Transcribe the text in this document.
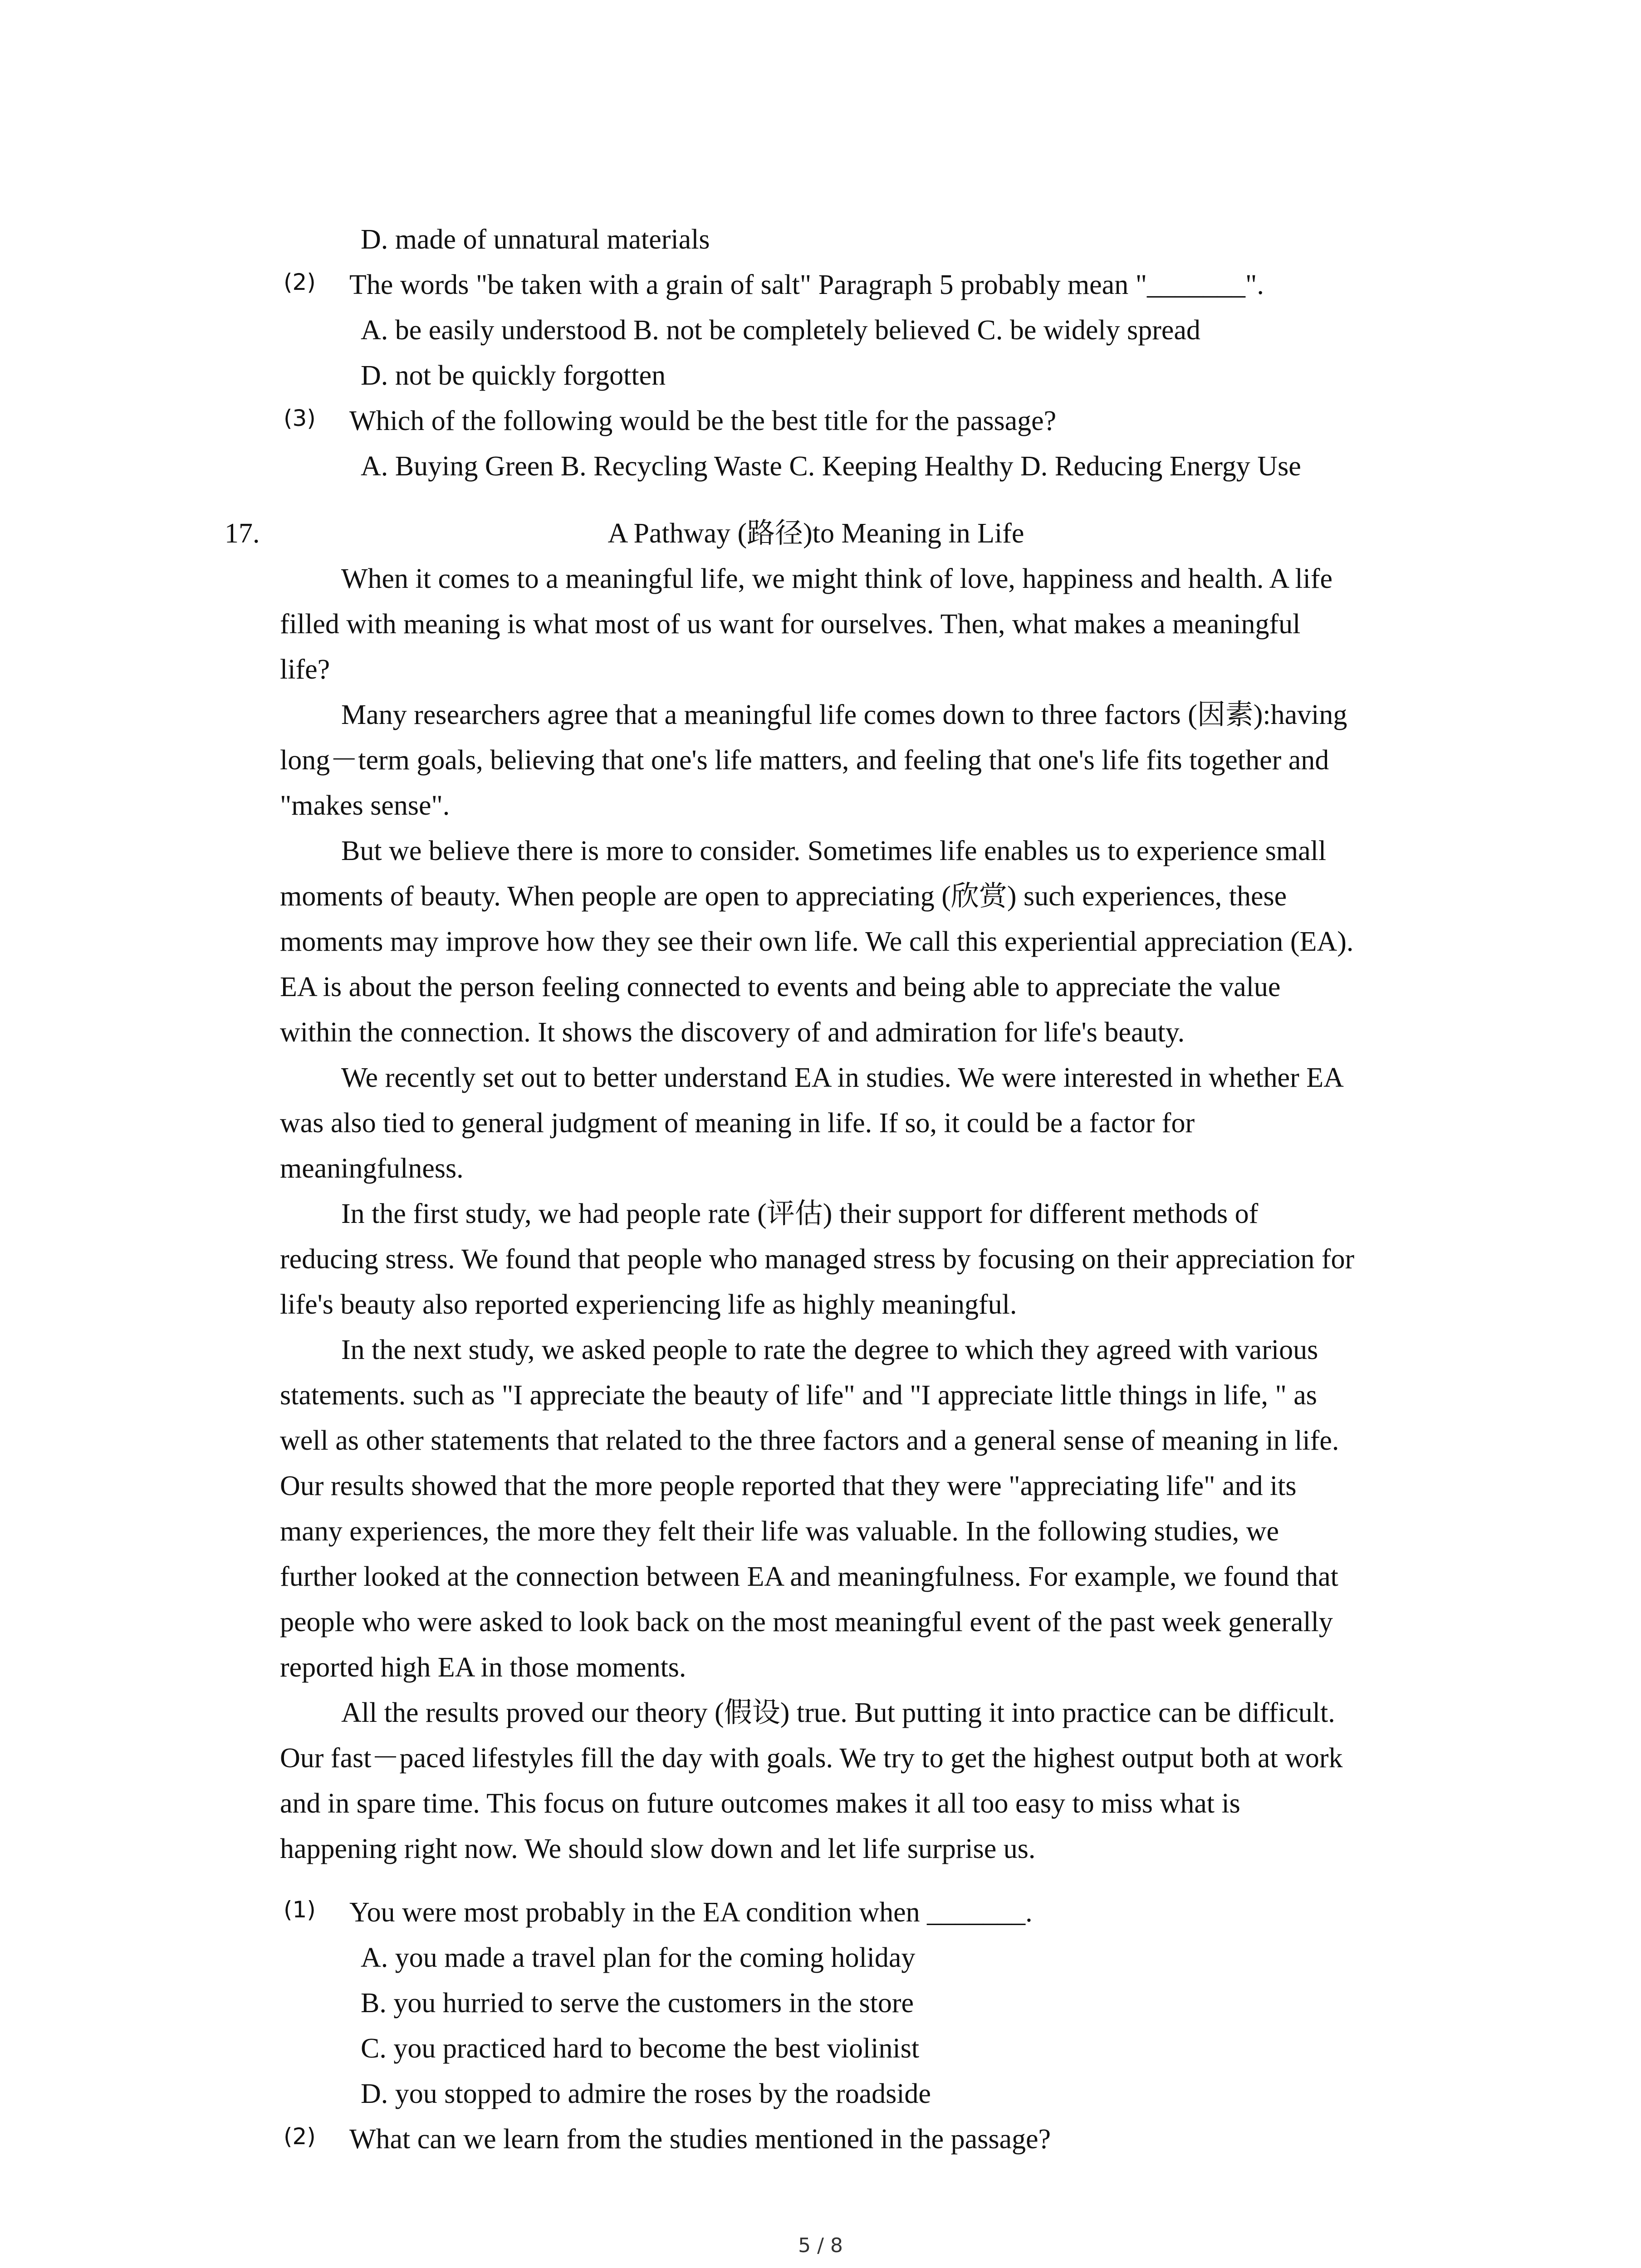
D. made of unnatural materials
(2) The words "be taken with a grain of salt" Paragraph 5 probably mean "_______".
A. be easily understood B. not be completely believed C. be widely spread
D. not be quickly forgotten
(3) Which of the following would be the best title for the passage?
A. Buying Green B. Recycling Waste C. Keeping Healthy D. Reducing Energy Use
17.	A Pathway (路径)to Meaning in Life
When it comes to a meaningful life, we might think of love, happiness and health. A life
filled with meaning is what most of us want for ourselves. Then, what makes a meaningful
life?
Many researchers agree that a meaningful life comes down to three factors (因素):having
long－term goals, believing that one's life matters, and feeling that one's life fits together and
"makes sense".
But we believe there is more to consider. Sometimes life enables us to experience small
moments of beauty. When people are open to appreciating (欣赏) such experiences, these
moments may improve how they see their own life. We call this experiential appreciation (EA).
EA is about the person feeling connected to events and being able to appreciate the value
within the connection. It shows the discovery of and admiration for life's beauty.
We recently set out to better understand EA in studies. We were interested in whether EA
was also tied to general judgment of meaning in life. If so, it could be a factor for
meaningfulness.
In the first study, we had people rate (评估) their support for different methods of
reducing stress. We found that people who managed stress by focusing on their appreciation for
life's beauty also reported experiencing life as highly meaningful.
In the next study, we asked people to rate the degree to which they agreed with various
statements. such as "I appreciate the beauty of life" and "I appreciate little things in life, " as
well as other statements that related to the three factors and a general sense of meaning in life.
Our results showed that the more people reported that they were "appreciating life" and its
many experiences, the more they felt their life was valuable. In the following studies, we
further looked at the connection between EA and meaningfulness. For example, we found that
people who were asked to look back on the most meaningful event of the past week generally
reported high EA in those moments.
All the results proved our theory (假设) true. But putting it into practice can be difficult.
Our fast－paced lifestyles fill the day with goals. We try to get the highest output both at work
and in spare time. This focus on future outcomes makes it all too easy to miss what is
happening right now. We should slow down and let life surprise us.
(1) You were most probably in the EA condition when _______.
A. you made a travel plan for the coming holiday
B. you hurried to serve the customers in the store
C. you practiced hard to become the best violinist
D. you stopped to admire the roses by the roadside
(2) What can we learn from the studies mentioned in the passage?
5 / 8
